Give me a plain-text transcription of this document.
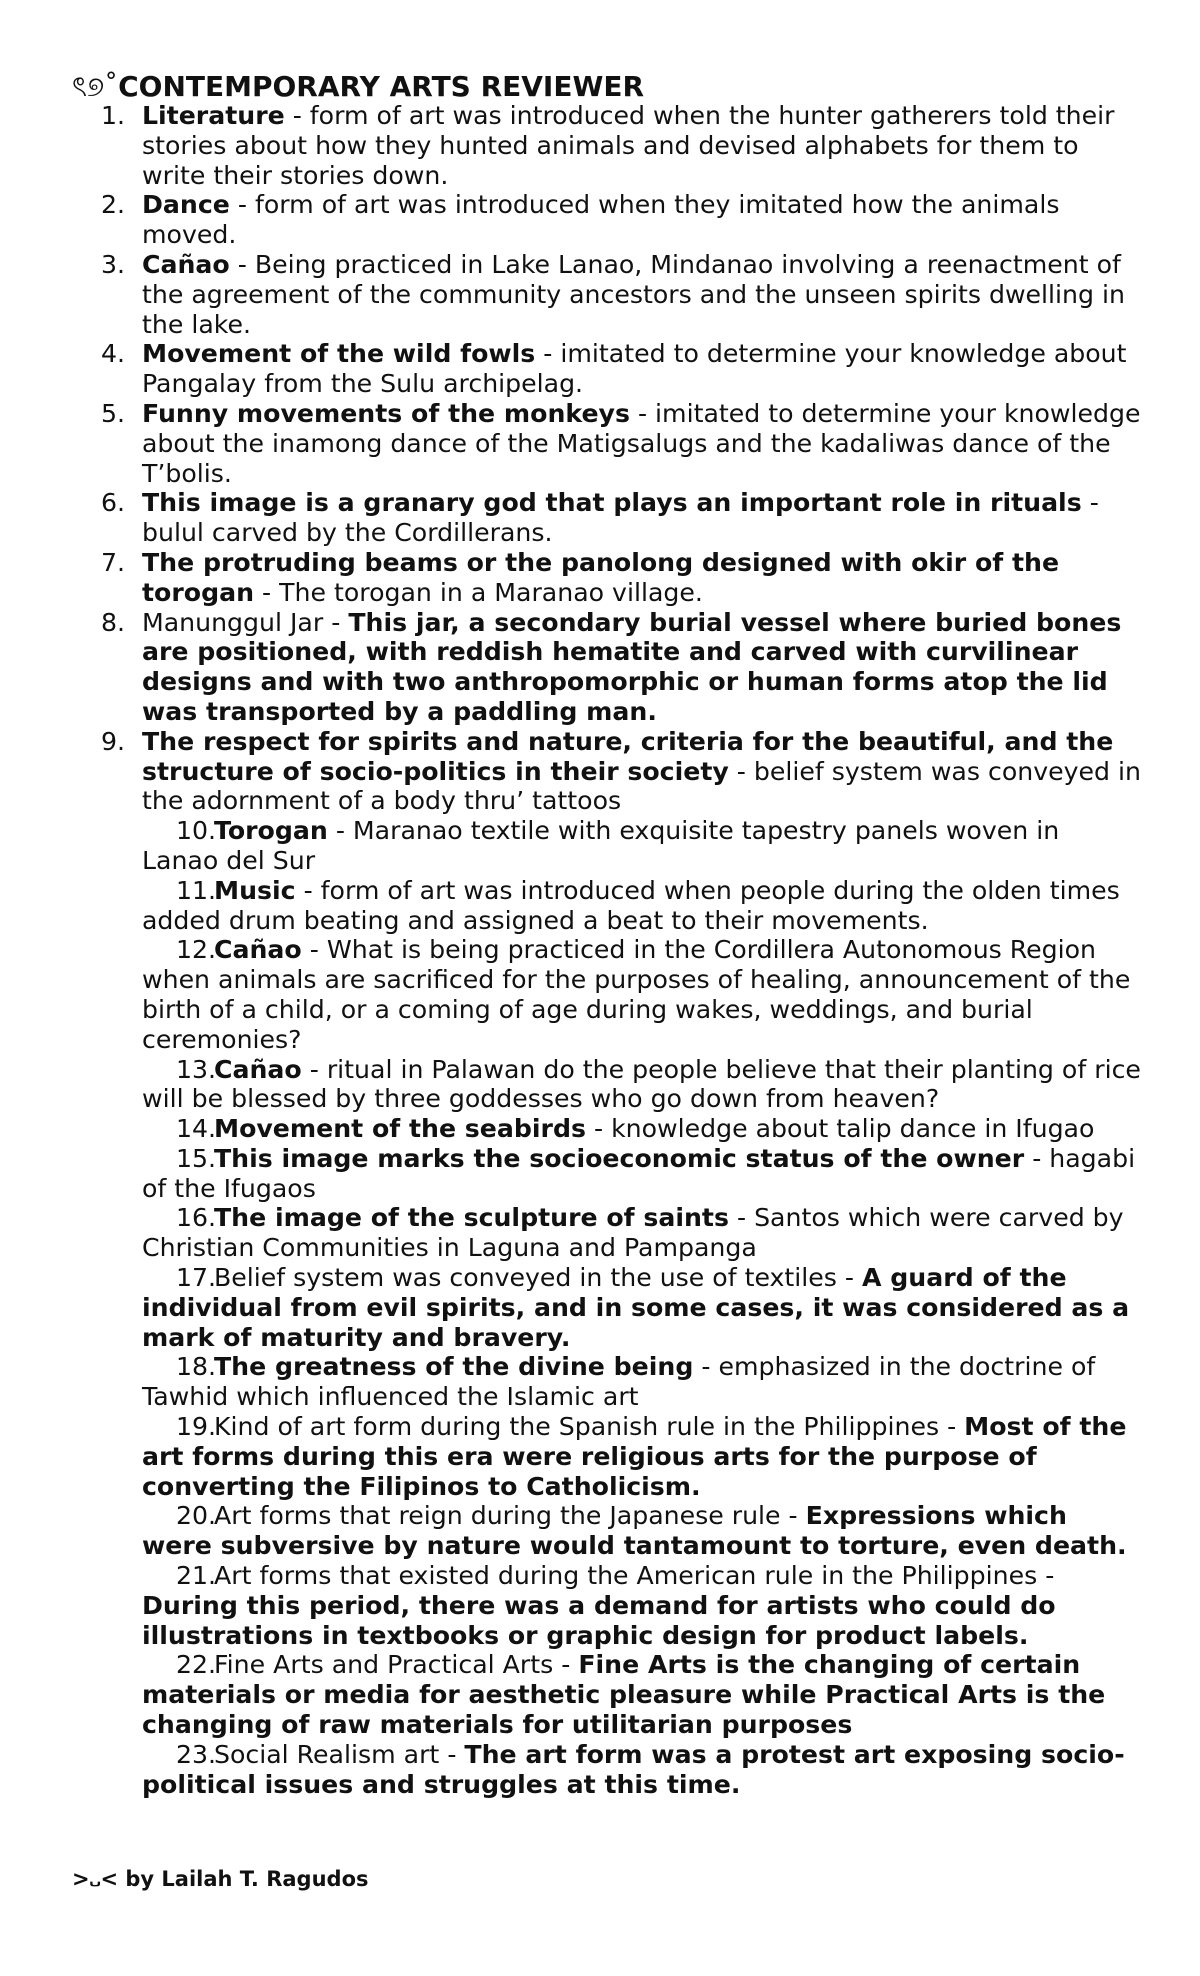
ৎ୭˚CONTEMPORARY ARTS REVIEWER
1. Literature - form of art was introduced when the hunter gatherers told their stories about how they hunted animals and devised alphabets for them to write their stories down.
2. Dance - form of art was introduced when they imitated how the animals moved.
3. Cañao - Being practiced in Lake Lanao, Mindanao involving a reenactment of the agreement of the community ancestors and the unseen spirits dwelling in the lake.
4. Movement of the wild fowls - imitated to determine your knowledge about Pangalay from the Sulu archipelag.
5. Funny movements of the monkeys - imitated to determine your knowledge about the inamong dance of the Matigsalugs and the kadaliwas dance of the T’bolis.
6. This image is a granary god that plays an important role in rituals - bulul carved by the Cordillerans.
7. The protruding beams or the panolong designed with okir of the torogan - The torogan in a Maranao village.
8. Manunggul Jar - This jar, a secondary burial vessel where buried bones are positioned, with reddish hematite and carved with curvilinear designs and with two anthropomorphic or human forms atop the lid was transported by a paddling man.
9. The respect for spirits and nature, criteria for the beautiful, and the structure of socio-politics in their society - belief system was conveyed in the adornment of a body thru’ tattoos
10.
Torogan - Maranao textile with exquisite tapestry panels woven in Lanao del Sur
11.
Music - form of art was introduced when people during the olden times added drum beating and assigned a beat to their movements.
12.
Cañao - What is being practiced in the Cordillera Autonomous Region when animals are sacrificed for the purposes of healing, announcement of the birth of a child, or a coming of age during wakes, weddings, and burial ceremonies?
13.
Cañao - ritual in Palawan do the people believe that their planting of rice will be blessed by three goddesses who go down from heaven?
14.
Movement of the seabirds - knowledge about talip dance in Ifugao
15.
This image marks the socioeconomic status of the owner - hagabi of the Ifugaos
16.
The image of the sculpture of saints - Santos which were carved by Christian Communities in Laguna and Pampanga
17.
Belief system was conveyed in the use of textiles - A guard of the individual from evil spirits, and in some cases, it was considered as a mark of maturity and bravery.
18.
The greatness of the divine being - emphasized in the doctrine of Tawhid which influenced the Islamic art
19.
Kind of art form during the Spanish rule in the Philippines - Most of the art forms during this era were religious arts for the purpose of converting the Filipinos to Catholicism.
20.
Art forms that reign during the Japanese rule - Expressions which were subversive by nature would tantamount to torture, even death.
21.
Art forms that existed during the American rule in the Philippines - During this period, there was a demand for artists who could do illustrations in textbooks or graphic design for product labels.
22.
Fine Arts and Practical Arts - Fine Arts is the changing of certain materials or media for aesthetic pleasure while Practical Arts is the changing of raw materials for utilitarian purposes
23.
Social Realism art - The art form was a protest art exposing socio-political issues and struggles at this time.
>᎑< by Lailah T. Ragudos
